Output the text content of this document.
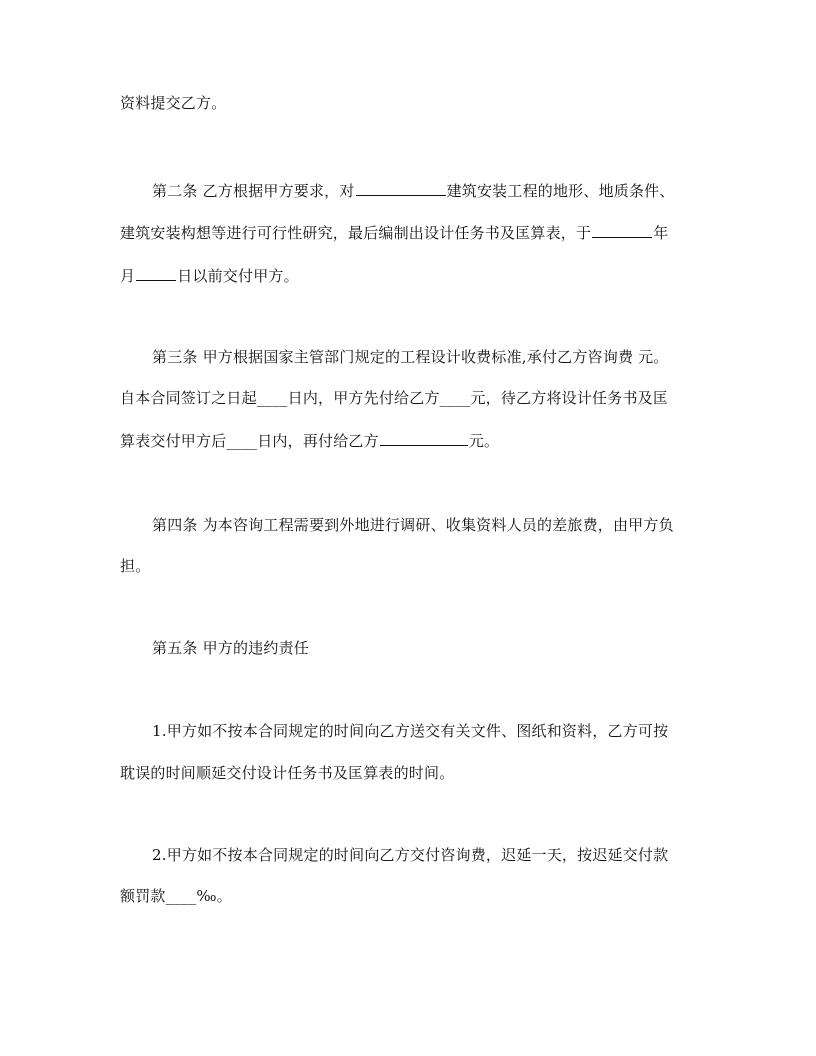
资料提交乙方。
第二条 乙方根据甲方要求，对	建筑安装工程的地形、地质条件、
建筑安装构想等进行可行性研究，最后编制出设计任务书及匡算表，于	年
月	日以前交付甲方。
第三条 甲方根据国家主管部门规定的工程设计收费标准,承付乙方咨询费 元。
自本合同签订之日起____日内，甲方先付给乙方____元，待乙方将设计任务书及匡
算表交付甲方后____日内，再付给乙方	元。
第四条 为本咨询工程需要到外地进行调研、收集资料人员的差旅费，由甲方负
担。
第五条 甲方的违约责任
1.甲方如不按本合同规定的时间向乙方送交有关文件、图纸和资料，乙方可按
耽误的时间顺延交付设计任务书及匡算表的时间。
2.甲方如不按本合同规定的时间向乙方交付咨询费，迟延一天，按迟延交付款
额罚款____‰。
